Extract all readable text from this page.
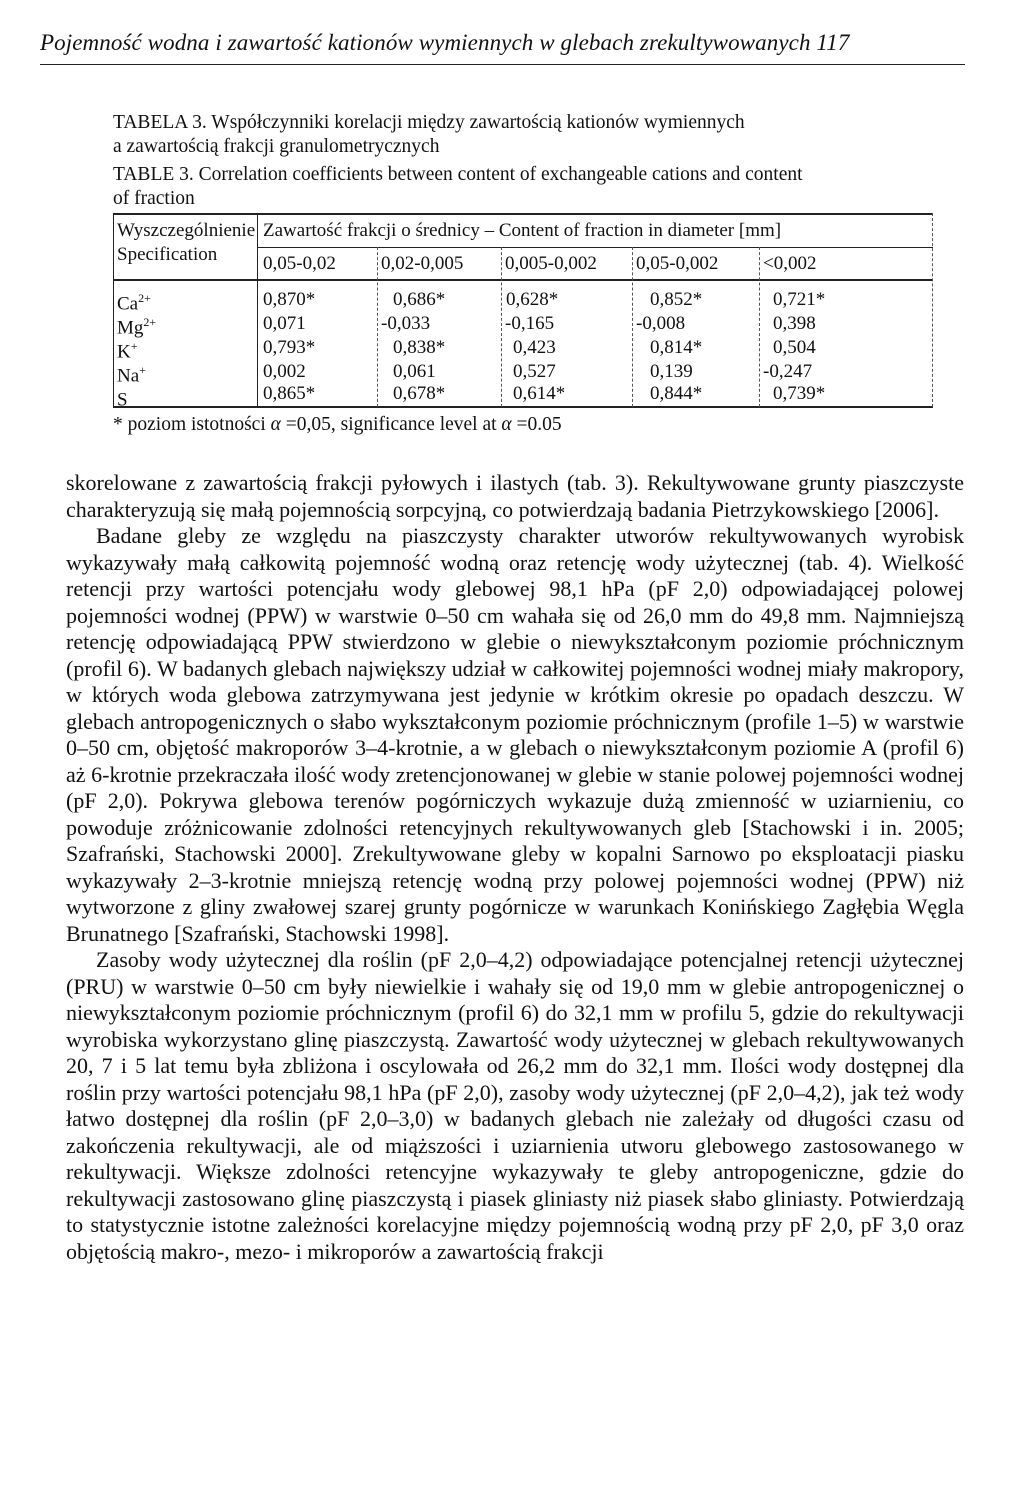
Pojemność wodna i zawartość kationów wymiennych w glebach zrekultywowanych 117
TABELA 3. Współczynniki korelacji między zawartością kationów wymiennych
a zawartością frakcji granulometrycznych
TABLE 3. Correlation coefficients between content of exchangeable cations and content
of fraction
Wyszczególnienie
Specification
Zawartość frakcji o średnicy – Content of fraction in diameter [mm]
0,05-0,02 0,02-0,005 0,005-0,002 0,05-0,002 <0,002
$Ca^{2+}$	0,870*	0,686*	0,628*	0,852*	0,721*
$Mg^{2+}$	0,071	-0,033	-0,165	-0,008	0,398
K+	0,793*	0,838*	0,423	0,814*	0,504
Na+	0,002	0,061	0,527	0,139	-0,247
S	0,865*	0,678*	0,614*	0,844*	0,739*
* poziom istotności α =0,05, significance level at α =0.05

skorelowane z zawartością frakcji pyłowych i ilastych (tab. 3). Rekultywowane grunty piaszczyste charakteryzują się małą pojemnością sorpcyjną, co potwierdzają badania Pietrzykowskiego [2006].

Badane gleby ze względu na piaszczysty charakter utworów rekultywowanych wyrobisk wykazywały małą całkowitą pojemność wodną oraz retencję wody użytecznej (tab. 4). Wielkość retencji przy wartości potencjału wody glebowej 98,1 hPa (pF 2,0) odpowiadającej polowej pojemności wodnej (PPW) w warstwie 0–50 cm wahała się od 26,0 mm do 49,8 mm. Najmniejszą retencję odpowiadającą PPW stwierdzono w glebie o niewykształconym poziomie próchnicznym (profil 6). W badanych glebach największy udział w całkowitej pojemności wodnej miały makropory, w których woda glebowa zatrzymywana jest jedynie w krótkim okresie po opadach deszczu. W glebach antropogenicznych o słabo wykształconym poziomie próchnicznym (profile 1–5) w warstwie 0–50 cm, objętość makroporów 3–4-krotnie, a w glebach o niewykształconym poziomie A (profil 6) aż 6-krotnie przekraczała ilość wody zretencjonowanej w glebie w stanie polowej pojemności wodnej (pF 2,0). Pokrywa glebowa terenów pogórniczych wykazuje dużą zmienność w uziarnieniu, co powoduje zróżnicowanie zdolności retencyjnych rekultywowanych gleb [Stachowski i in. 2005; Szafrański, Stachowski 2000]. Zrekultywowane gleby w kopalni Sarnowo po eksploatacji piasku wykazywały 2–3-krotnie mniejszą retencję wodną przy polowej pojemności wodnej (PPW) niż wytworzone z gliny zwałowej szarej grunty pogórnicze w warunkach Konińskiego Zagłębia Węgla Brunatnego [Szafrański, Stachowski 1998].

Zasoby wody użytecznej dla roślin (pF 2,0–4,2) odpowiadające potencjalnej retencji użytecznej (PRU) w warstwie 0–50 cm były niewielkie i wahały się od 19,0 mm w glebie antropogenicznej o niewykształconym poziomie próchnicznym (profil 6) do 32,1 mm w profilu 5, gdzie do rekultywacji wyrobiska wykorzystano glinę piaszczystą. Zawartość wody użytecznej w glebach rekultywowanych 20, 7 i 5 lat temu była zbliżona i oscylowała od 26,2 mm do 32,1 mm. Ilości wody dostępnej dla roślin przy wartości potencjału 98,1 hPa (pF 2,0), zasoby wody użytecznej (pF 2,0–4,2), jak też wody łatwo dostępnej dla roślin (pF 2,0–3,0) w badanych glebach nie zależały od długości czasu od zakończenia rekultywacji, ale od miąższości i uziarnienia utworu glebowego zastosowanego w rekultywacji. Większe zdolności retencyjne wykazywały te gleby antropogeniczne, gdzie do rekultywacji zastosowano glinę piaszczystą i piasek gliniasty niż piasek słabo gliniasty. Potwierdzają to statystycznie istotne zależności korelacyjne między pojemnością wodną przy pF 2,0, pF 3,0 oraz objętością makro-, mezo- i mikroporów a zawartością frakcji
